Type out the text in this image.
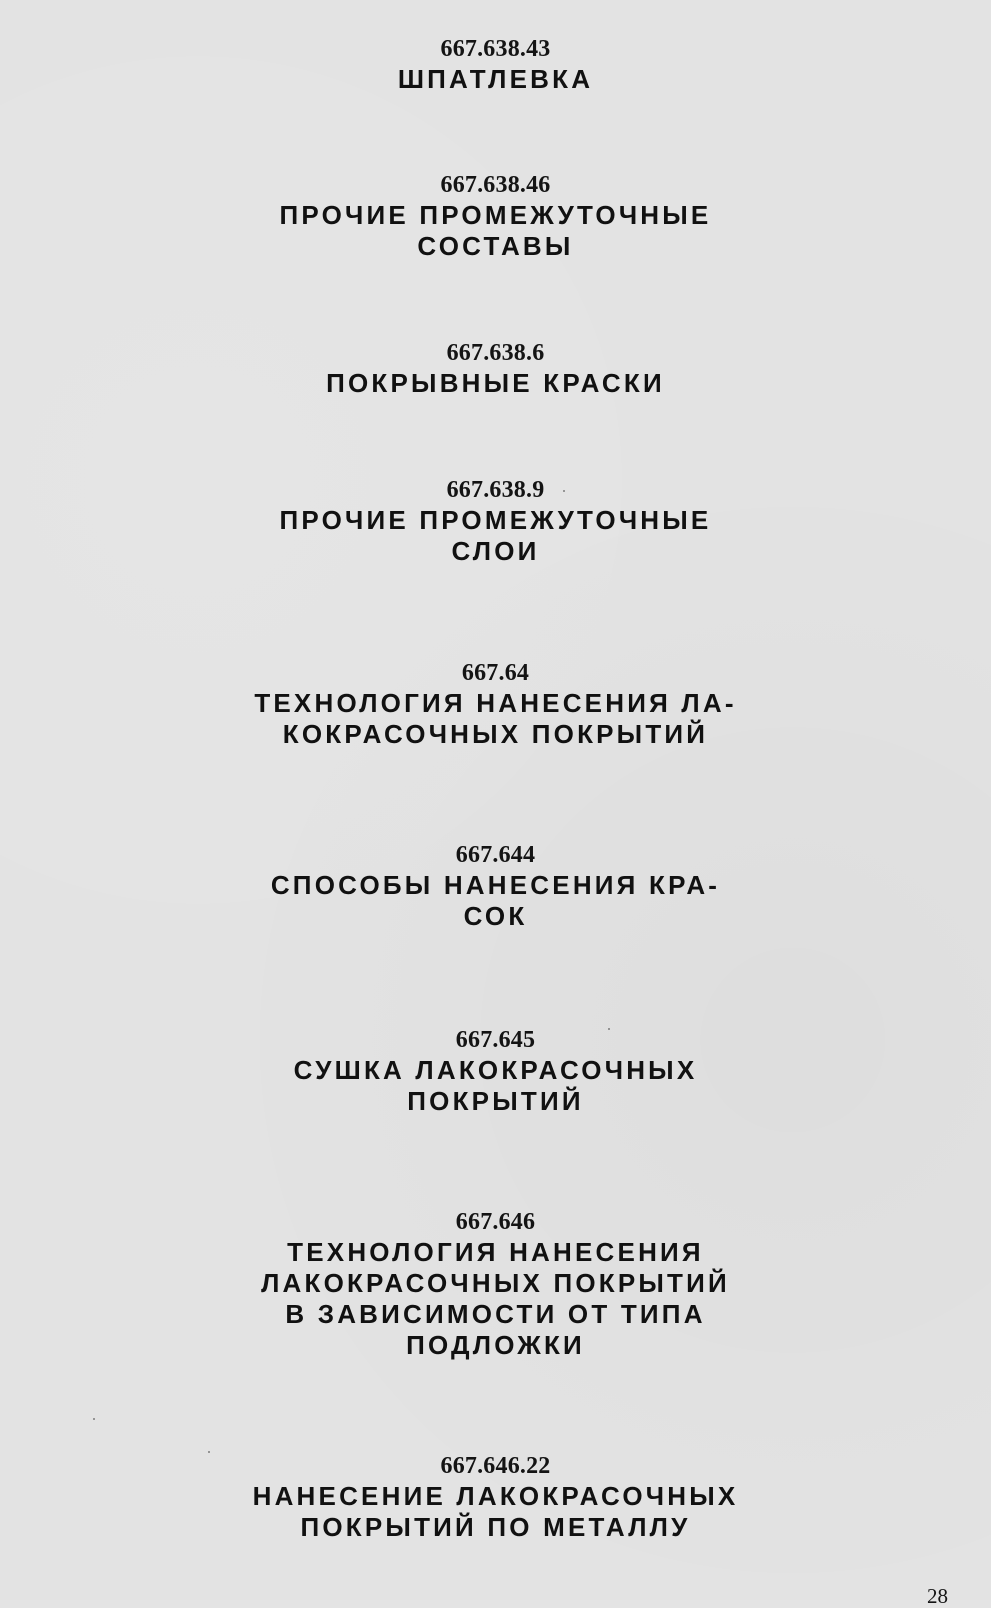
667.638.43
ШПАТЛЕВКА
667.638.46
ПРОЧИЕ ПРОМЕЖУТОЧНЫЕ
СОСТАВЫ
667.638.6
ПОКРЫВНЫЕ КРАСКИ
667.638.9
ПРОЧИЕ ПРОМЕЖУТОЧНЫЕ
СЛОИ
667.64
ТЕХНОЛОГИЯ НАНЕСЕНИЯ ЛА-
КОКРАСОЧНЫХ ПОКРЫТИЙ
667.644
СПОСОБЫ НАНЕСЕНИЯ КРА-
СОК
667.645
СУШКА ЛАКОКРАСОЧНЫХ
ПОКРЫТИЙ
667.646
ТЕХНОЛОГИЯ НАНЕСЕНИЯ
ЛАКОКРАСОЧНЫХ ПОКРЫТИЙ
В ЗАВИСИМОСТИ ОТ ТИПА
ПОДЛОЖКИ
667.646.22
НАНЕСЕНИЕ ЛАКОКРАСОЧНЫХ
ПОКРЫТИЙ ПО МЕТАЛЛУ
28
